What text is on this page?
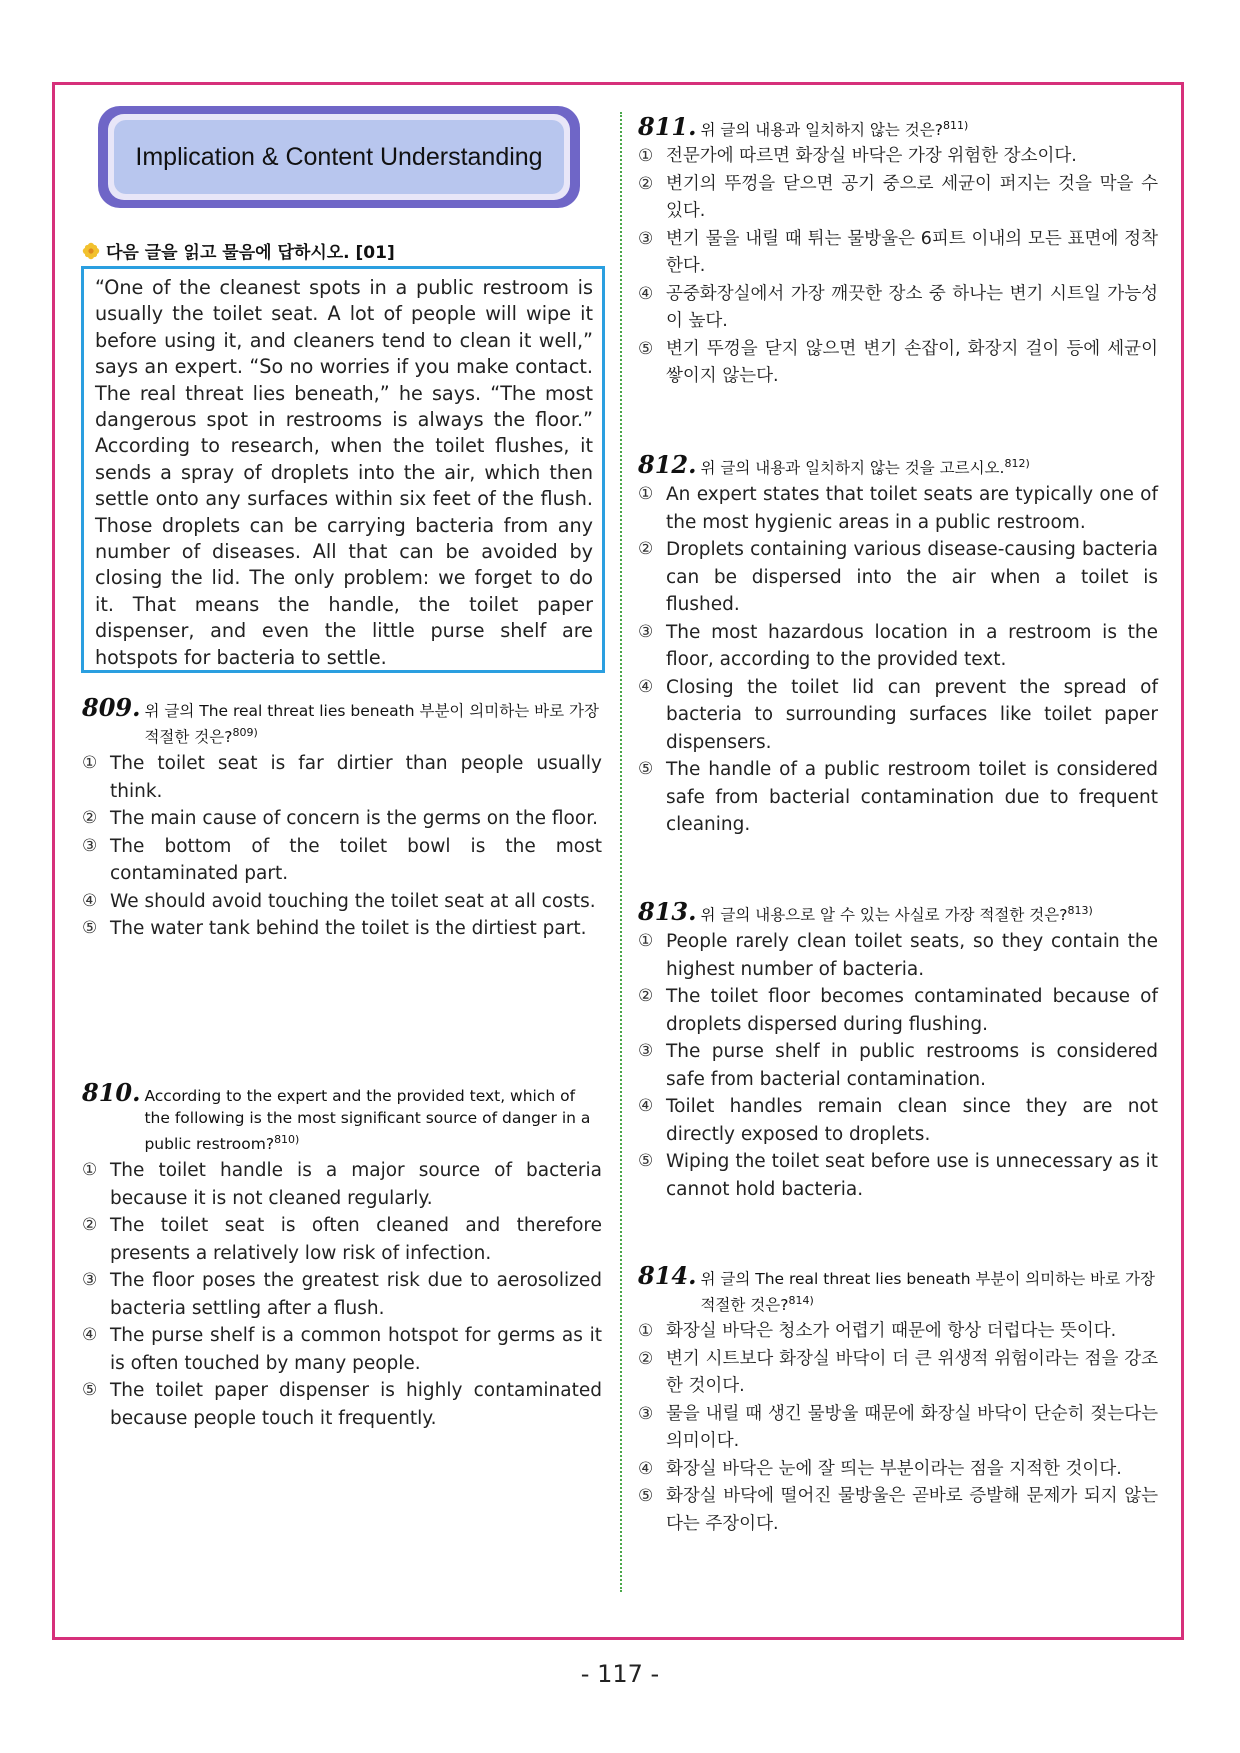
Implication & Content Understanding
다음 글을 읽고 물음에 답하시오. [01]

“One of the cleanest spots in a public restroom is usually the toilet seat. A lot of people will wipe it before using it, and cleaners tend to clean it well,” says an expert. “So no worries if you make contact. The real threat lies beneath,” he says. “The most dangerous spot in restrooms is always the floor.” According to research, when the toilet flushes, it sends a spray of droplets into the air, which then settle onto any surfaces within six feet of the flush. Those droplets can be carrying bacteria from any number of diseases. All that can be avoided by closing the lid. The only problem: we forget to do it. That means the handle, the toilet paper dispenser, and even the little purse shelf are hotspots for bacteria to settle.

809. 위 글의 The real threat lies beneath 부분이 의미하는 바로 가장 적절한 것은?$^{809)}$
① The toilet seat is far dirtier than people usually think.
② The main cause of concern is the germs on the floor.
③ The bottom of the toilet bowl is the most contaminated part.
④ We should avoid touching the toilet seat at all costs.
⑤ The water tank behind the toilet is the dirtiest part.
810. According to the expert and the provided text, which of the following is the most significant source of danger in a public restroom?$^{810)}$
① The toilet handle is a major source of bacteria because it is not cleaned regularly.
② The toilet seat is often cleaned and therefore presents a relatively low risk of infection.
③ The floor poses the greatest risk due to aerosolized bacteria settling after a flush.
④ The purse shelf is a common hotspot for germs as it is often touched by many people.
⑤ The toilet paper dispenser is highly contaminated because people touch it frequently.
811. 위 글의 내용과 일치하지 않는 것은?$^{811)}$
① 전문가에 따르면 화장실 바닥은 가장 위험한 장소이다.
② 변기의 뚜껑을 닫으면 공기 중으로 세균이 퍼지는 것을 막을 수 있다.
③ 변기 물을 내릴 때 튀는 물방울은 6피트 이내의 모든 표면에 정착한다.
④ 공중화장실에서 가장 깨끗한 장소 중 하나는 변기 시트일 가능성이 높다.
⑤ 변기 뚜껑을 닫지 않으면 변기 손잡이, 화장지 걸이 등에 세균이 쌓이지 않는다.
812. 위 글의 내용과 일치하지 않는 것을 고르시오.$^{812)}$
① An expert states that toilet seats are typically one of the most hygienic areas in a public restroom.
② Droplets containing various disease-causing bacteria can be dispersed into the air when a toilet is flushed.
③ The most hazardous location in a restroom is the floor, according to the provided text.
④ Closing the toilet lid can prevent the spread of bacteria to surrounding surfaces like toilet paper dispensers.
⑤ The handle of a public restroom toilet is considered safe from bacterial contamination due to frequent cleaning.
813. 위 글의 내용으로 알 수 있는 사실로 가장 적절한 것은?$^{813)}$
① People rarely clean toilet seats, so they contain the highest number of bacteria.
② The toilet floor becomes contaminated because of droplets dispersed during flushing.
③ The purse shelf in public restrooms is considered safe from bacterial contamination.
④ Toilet handles remain clean since they are not directly exposed to droplets.
⑤ Wiping the toilet seat before use is unnecessary as it cannot hold bacteria.
814. 위 글의 The real threat lies beneath 부분이 의미하는 바로 가장 적절한 것은?$^{814)}$
① 화장실 바닥은 청소가 어렵기 때문에 항상 더럽다는 뜻이다.
② 변기 시트보다 화장실 바닥이 더 큰 위생적 위험이라는 점을 강조한 것이다.
③ 물을 내릴 때 생긴 물방울 때문에 화장실 바닥이 단순히 젖는다는 의미이다.
④ 화장실 바닥은 눈에 잘 띄는 부분이라는 점을 지적한 것이다.
⑤ 화장실 바닥에 떨어진 물방울은 곧바로 증발해 문제가 되지 않는다는 주장이다.
- 117 -
